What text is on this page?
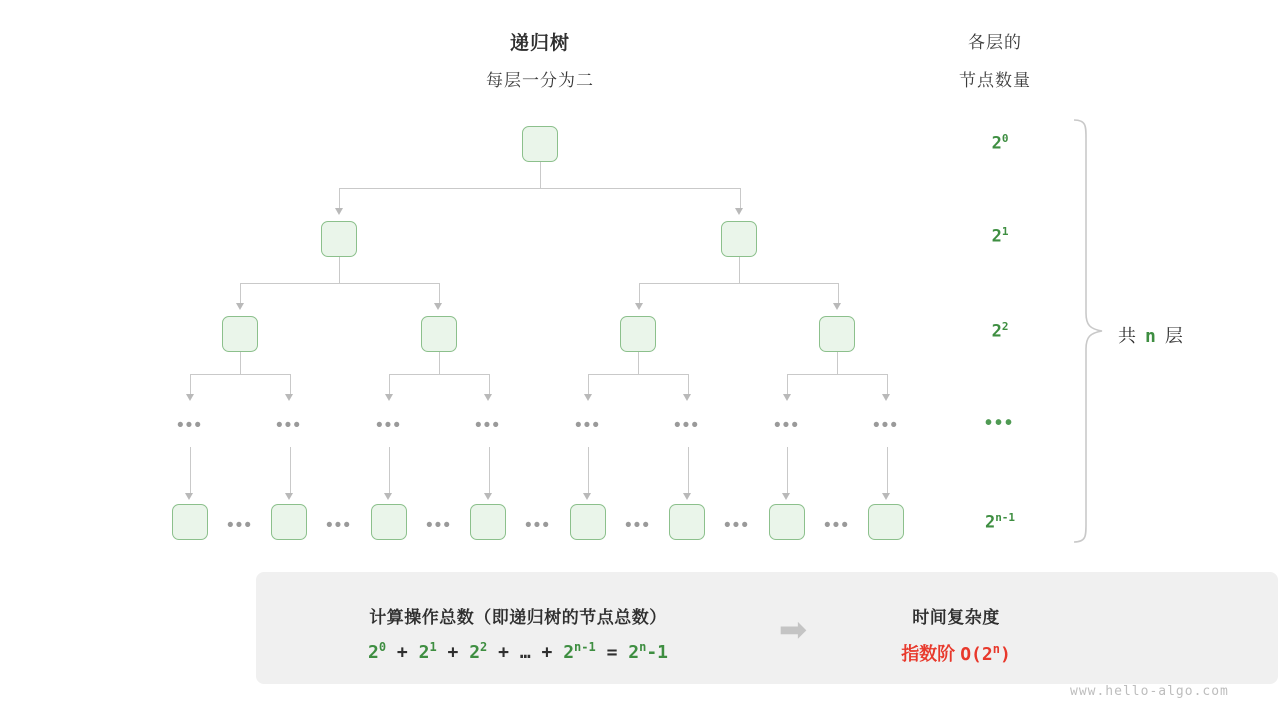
递归树
每层一分为二
各层的
节点数量
•••	•••	•••	•••	•••	•••	•••	•••
•••	•••	•••	•••	•••	•••	•••
$2^0$
$2^1$
$2^2$
•••
2$^{n-1}$
共 n 层
计算操作总数（即递归树的节点总数）
$2^0 + 2^1 + 2^2$ + … + $2^{n-1} = 2^n-1$
➡	时间复杂度
指数阶 O(2$^n$)
www.hello-algo.com
